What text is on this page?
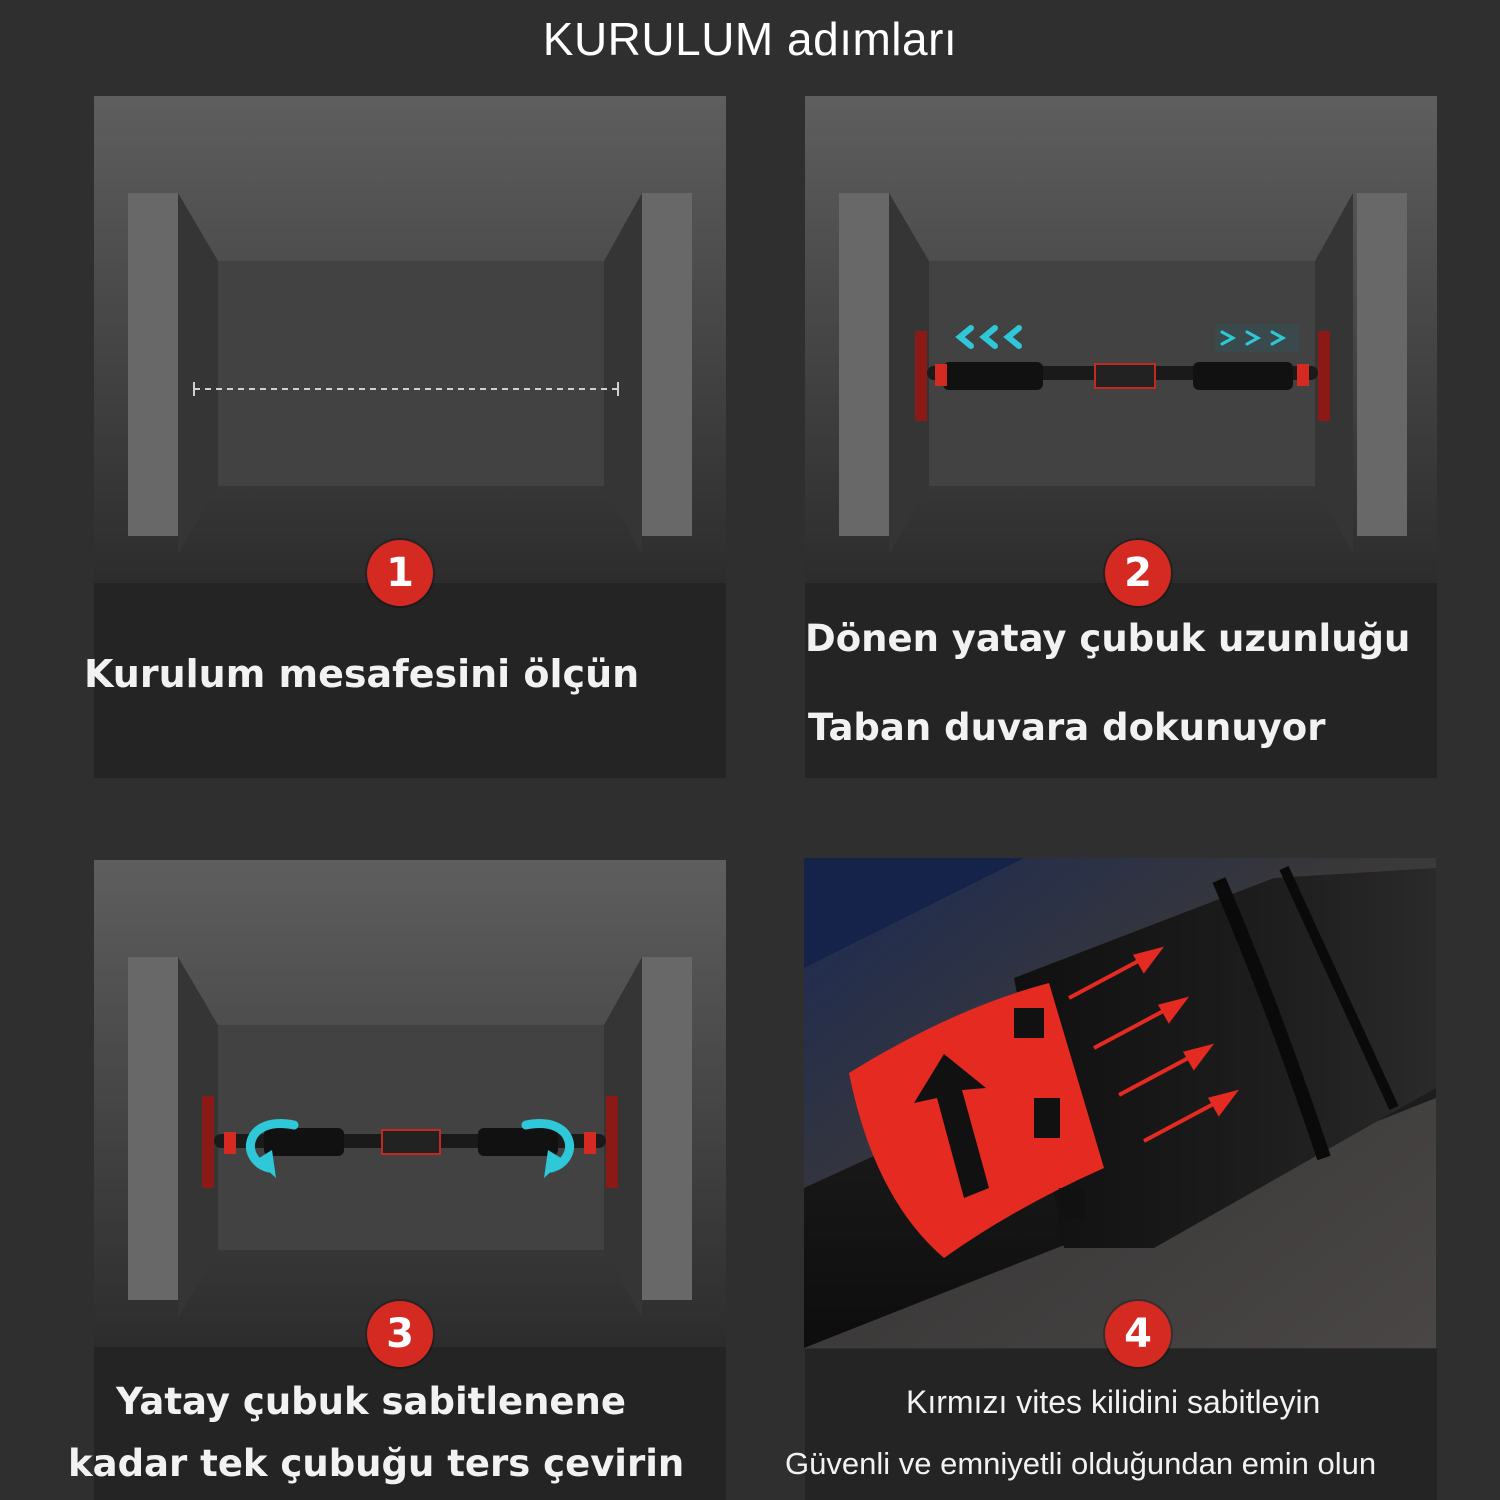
KURULUM adımları
1
Kurulum mesafesini ölçün
2
Dönen yatay çubuk uzunluğu
Taban duvara dokunuyor
3
Yatay çubuk sabitlenene
kadar tek çubuğu ters çevirin
4
Kırmızı vites kilidini sabitleyin
Güvenli ve emniyetli olduğundan emin olun
